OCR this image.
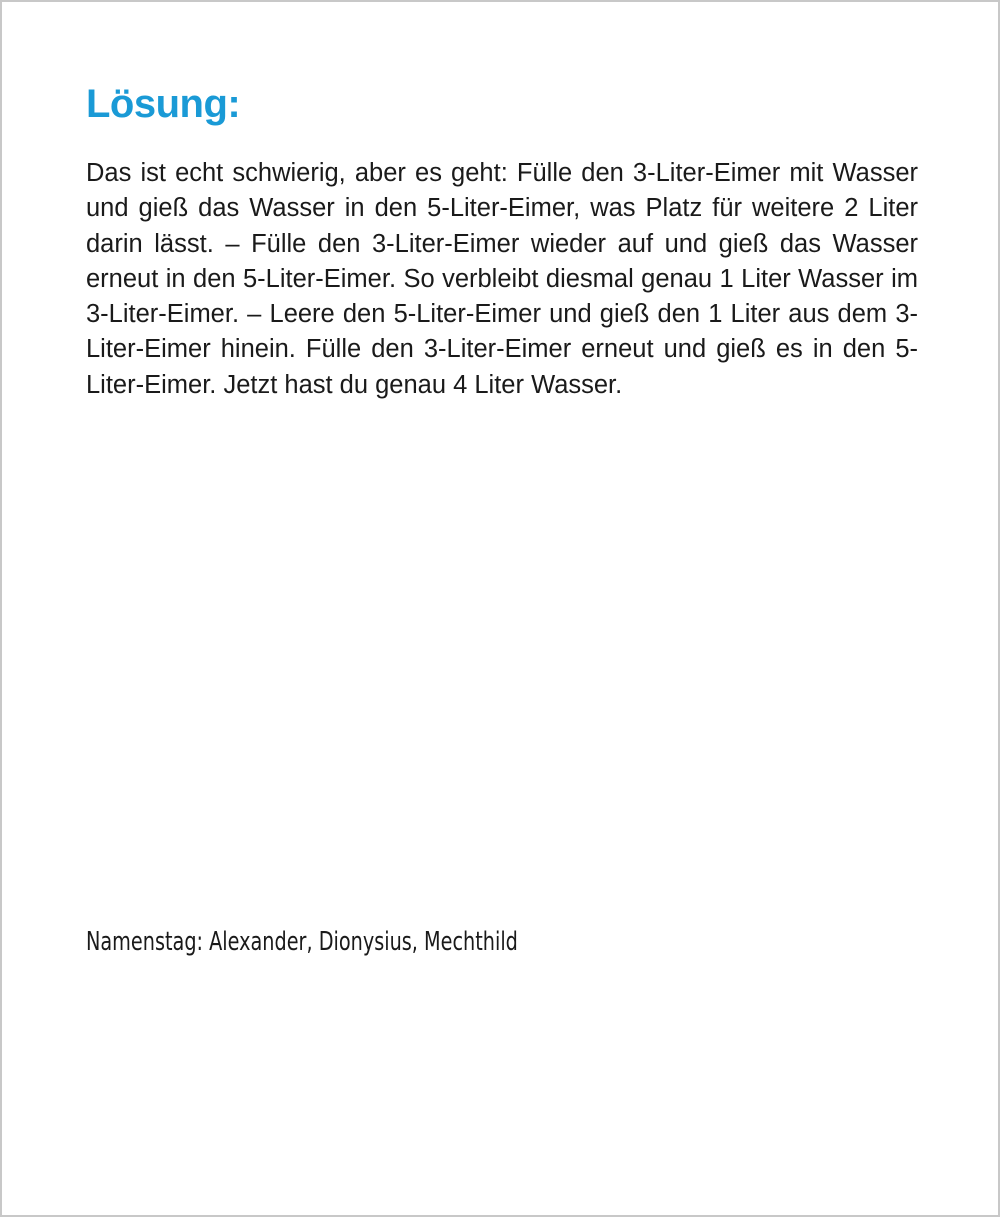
Lösung:

Das ist echt schwierig, aber es geht: Fülle den 3-Liter-Eimer mit Wasser und gieß das Wasser in den 5-Liter-Eimer, was Platz für weitere 2 Liter darin lässt. – Fülle den 3-Liter-Eimer wieder auf und gieß das Wasser erneut in den 5-Liter-Eimer. So verbleibt diesmal genau 1 Liter Wasser im 3-Liter-Eimer. – Leere den 5-Liter-Eimer und gieß den 1 Liter aus dem 3-Liter-Eimer hinein. Fülle den 3-Liter-Eimer erneut und gieß es in den 5-Liter-Eimer. Jetzt hast du genau 4 Liter Wasser.

Namenstag: Alexander, Dionysius, Mechthild
